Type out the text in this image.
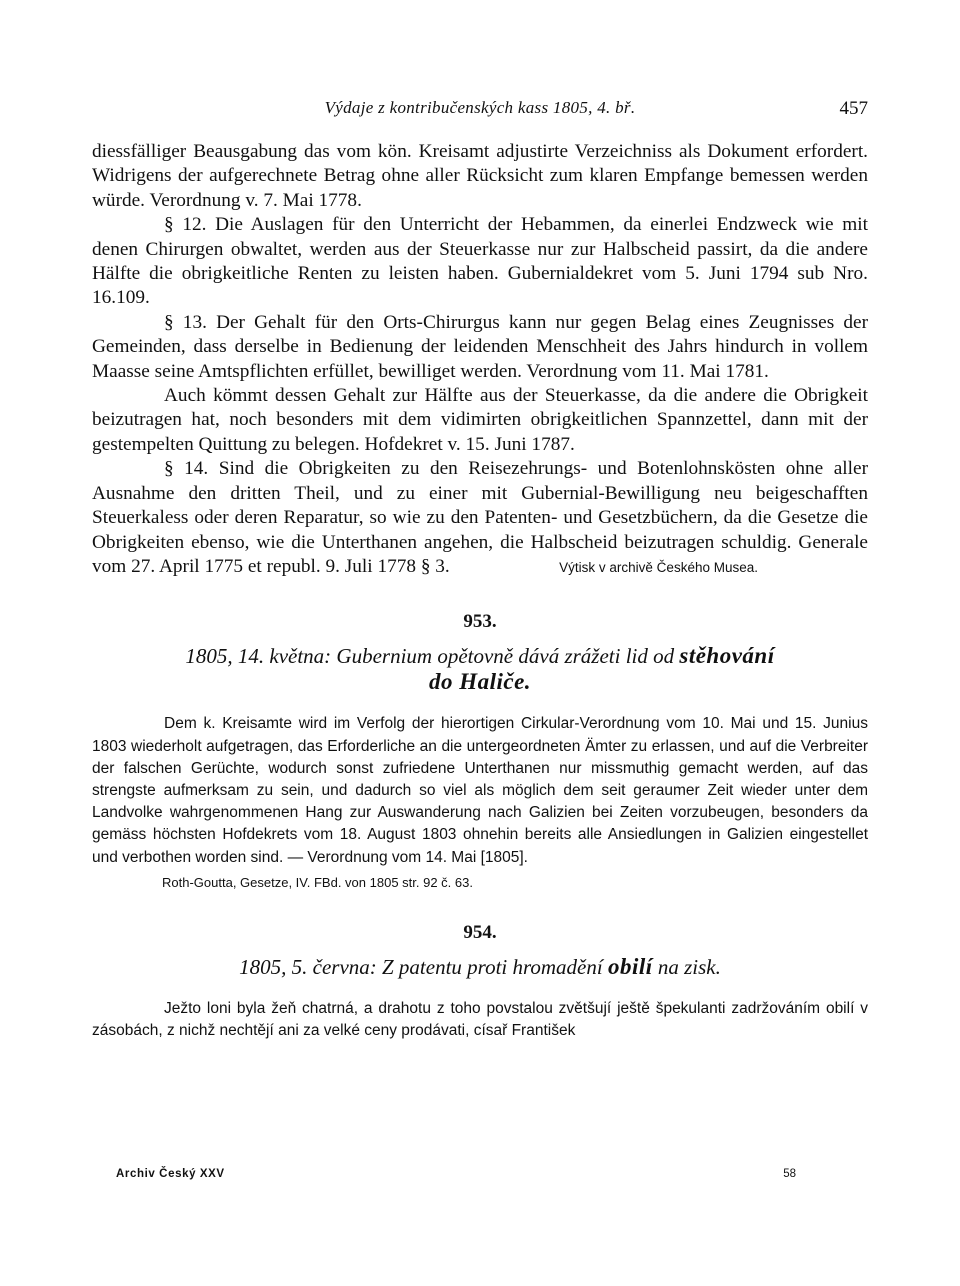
Výdaje z kontribučenských kass 1805, 4. bř.	457

diessfälliger Beausgabung das vom kön. Kreisamt adjustirte Verzeichniss als Dokument erfordert. Widrigens der aufgerechnete Betrag ohne aller Rücksicht zum klaren Empfange bemessen werden würde. Verordnung v. 7. Mai 1778.

§ 12. Die Auslagen für den Unterricht der Hebammen, da einerlei Endzweck wie mit denen Chirurgen obwaltet, werden aus der Steuerkasse nur zur Halbscheid passirt, da die andere Hälfte die obrigkeitliche Renten zu leisten haben. Gubernialdekret vom 5. Juni 1794 sub Nro. 16.109.

§ 13. Der Gehalt für den Orts-Chirurgus kann nur gegen Belag eines Zeugnisses der Gemeinden, dass derselbe in Bedienung der leidenden Menschheit des Jahrs hindurch in vollem Maasse seine Amtspflichten erfüllet, bewilliget werden. Verordnung vom 11. Mai 1781.

Auch kömmt dessen Gehalt zur Hälfte aus der Steuerkasse, da die andere die Obrigkeit beizutragen hat, noch besonders mit dem vidimirten obrigkeitlichen Spannzettel, dann mit der gestempelten Quittung zu belegen. Hofdekret v. 15. Juni 1787.

§ 14. Sind die Obrigkeiten zu den Reisezehrungs- und Botenlohnskösten ohne aller Ausnahme den dritten Theil, und zu einer mit Gubernial-Bewilligung neu beigeschafften Steuerkaless oder deren Reparatur, so wie zu den Patenten- und Gesetzbüchern, da die Gesetze die Obrigkeiten ebenso, wie die Unterthanen angehen, die Halbscheid beizutragen schuldig. Generale vom 27. April 1775 et republ. 9. Juli 1778 § 3.	Výtisk v archivě Českého Musea.
953.
1805, 14. května: Gubernium opětovně dává zrážeti lid od stěhování
do Haliče.

Dem k. Kreisamte wird im Verfolg der hierortigen Cirkular-Verordnung vom 10. Mai und 15. Junius 1803 wiederholt aufgetragen, das Erforderliche an die untergeordneten Ämter zu erlassen, und auf die Verbreiter der falschen Gerüchte, wodurch sonst zufriedene Unterthanen nur missmuthig gemacht werden, auf das strengste aufmerksam zu sein, und dadurch so viel als möglich dem seit geraumer Zeit wieder unter dem Landvolke wahrgenommenen Hang zur Auswanderung nach Galizien bei Zeiten vorzubeugen, besonders da gemäss höchsten Hofdekrets vom 18. August 1803 ohnehin bereits alle Ansiedlungen in Galizien eingestellet und verbothen worden sind. — Verordnung vom 14. Mai [1805].

Roth-Goutta, Gesetze, IV. FBd. von 1805 str. 92 č. 63.

954.
1805, 5. června: Z patentu proti hromadění obilí na zisk.

Ježto loni byla žeň chatrná, a drahotu z toho povstalou zvětšují ještě špekulanti zadržováním obilí v zásobách, z nichž nechtějí ani za velké ceny prodávati, císař František

Archiv Český XXV	58
